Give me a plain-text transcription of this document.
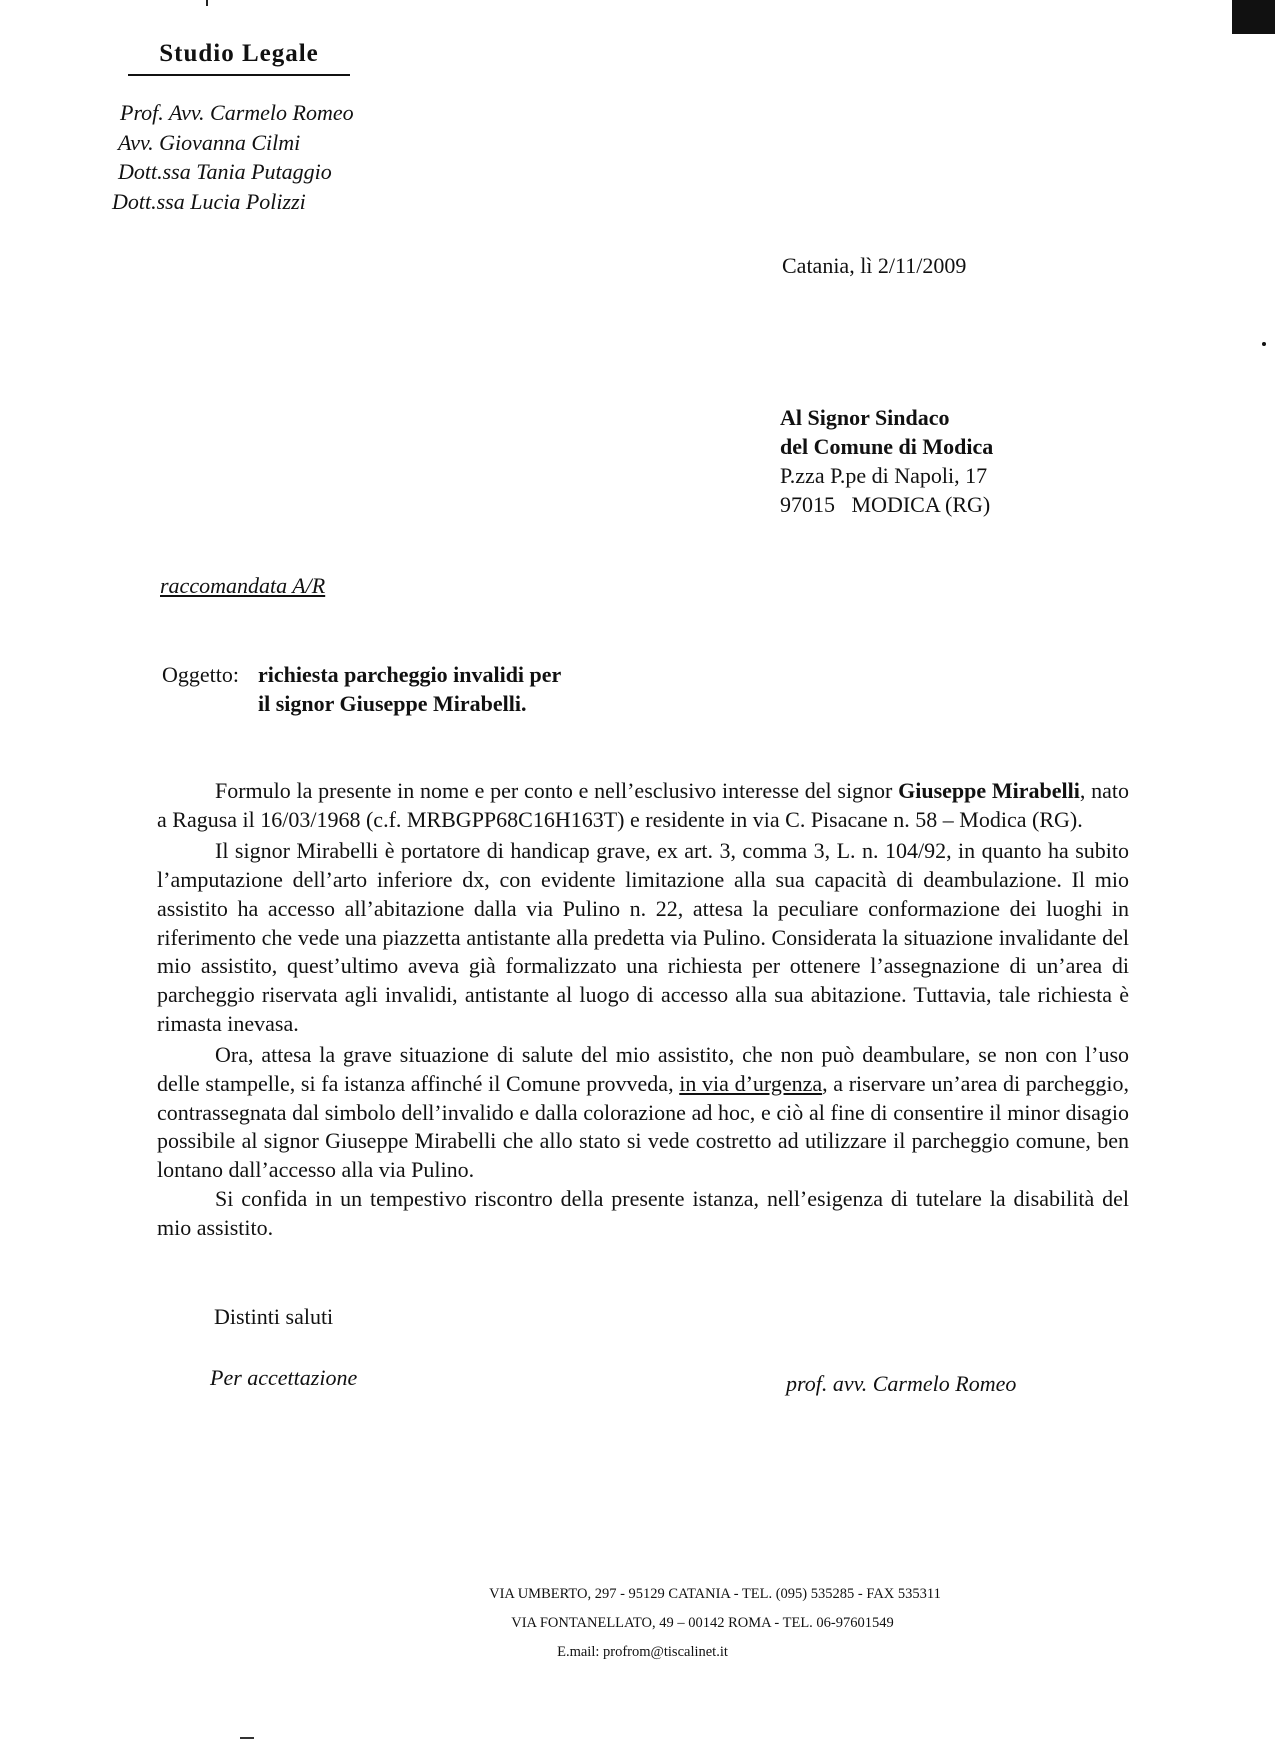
Studio Legale
Prof. Avv. Carmelo Romeo
Avv. Giovanna Cilmi
Dott.ssa Tania Putaggio
Dott.ssa Lucia Polizzi
Catania, lì 2/11/2009
Al Signor Sindaco
del Comune di Modica
P.zza P.pe di Napoli, 17
97015   MODICA (RG)
raccomandata A/R
Oggetto: richiesta parcheggio invalidi per
il signor Giuseppe Mirabelli.

Formulo la presente in nome e per conto e nell’esclusivo interesse del signor Giuseppe Mirabelli, nato a Ragusa il 16/03/1968 (c.f. MRBGPP68C16H163T) e residente in via C. Pisacane n. 58 – Modica (RG).

Il signor Mirabelli è portatore di handicap grave, ex art. 3, comma 3, L. n. 104/92, in quanto ha subito l’amputazione dell’arto inferiore dx, con evidente limitazione alla sua capacità di deambulazione. Il mio assistito ha accesso all’abitazione dalla via Pulino n. 22, attesa la peculiare conformazione dei luoghi in riferimento che vede una piazzetta antistante alla predetta via Pulino. Considerata la situazione invalidante del mio assistito, quest’ultimo aveva già formalizzato una richiesta per ottenere l’assegnazione di un’area di parcheggio riservata agli invalidi, antistante al luogo di accesso alla sua abitazione. Tuttavia, tale richiesta è rimasta inevasa.

Ora, attesa la grave situazione di salute del mio assistito, che non può deambulare, se non con l’uso delle stampelle, si fa istanza affinché il Comune provveda, in via d’urgenza, a riservare un’area di parcheggio, contrassegnata dal simbolo dell’invalido e dalla colorazione ad hoc, e ciò al fine di consentire il minor disagio possibile al signor Giuseppe Mirabelli che allo stato si vede costretto ad utilizzare il parcheggio comune, ben lontano dall’accesso alla via Pulino.

Si confida in un tempestivo riscontro della presente istanza, nell’esigenza di tutelare la disabilità del mio assistito.

Distinti saluti
Per accettazione	prof. avv. Carmelo Romeo
VIA UMBERTO, 297 - 95129 CATANIA - TEL. (095) 535285 - FAX 535311
VIA FONTANELLATO, 49 – 00142 ROMA - TEL. 06-97601549
E.mail: profrom@tiscalinet.it
